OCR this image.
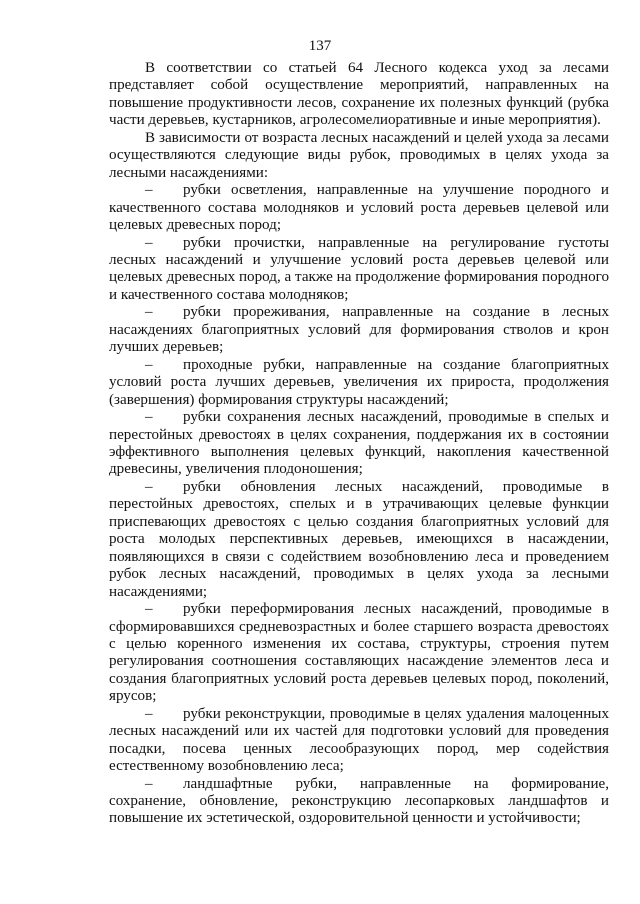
137

В соответствии со статьей 64 Лесного кодекса уход за лесами представляет собой осуществление мероприятий, направленных на повышение продуктивности лесов, сохранение их полезных функций (рубка части деревьев, кустарников, агролесомелиоративные и иные мероприятия).

В зависимости от возраста лесных насаждений и целей ухода за лесами осуществляются следующие виды рубок, проводимых в целях ухода за лесными насаждениями:

– рубки осветления, направленные на улучшение породного и качественного состава молодняков и условий роста деревьев целевой или целевых древесных пород;

– рубки прочистки, направленные на регулирование густоты лесных насаждений и улучшение условий роста деревьев целевой или целевых древесных пород, а также на продолжение формирования породного и качественного состава молодняков;

– рубки прореживания, направленные на создание в лесных насаждениях благоприятных условий для формирования стволов и крон лучших деревьев;

– проходные рубки, направленные на создание благоприятных условий роста лучших деревьев, увеличения их прироста, продолжения (завершения) формирования структуры насаждений;

– рубки сохранения лесных насаждений, проводимые в спелых и перестойных древостоях в целях сохранения, поддержания их в состоянии эффективного выполнения целевых функций, накопления качественной древесины, увеличения плодоношения;

– рубки обновления лесных насаждений, проводимые в перестойных древостоях, спелых и в утрачивающих целевые функции приспевающих древостоях с целью создания благоприятных условий для роста молодых перспективных деревьев, имеющихся в насаждении, появляющихся в связи с содействием возобновлению леса и проведением рубок лесных насаждений, проводимых в целях ухода за лесными насаждениями;

– рубки переформирования лесных насаждений, проводимые в сформировавшихся средневозрастных и более старшего возраста древостоях с целью коренного изменения их состава, структуры, строения путем регулирования соотношения составляющих насаждение элементов леса и создания благоприятных условий роста деревьев целевых пород, поколений, ярусов;

– рубки реконструкции, проводимые в целях удаления малоценных лесных насаждений или их частей для подготовки условий для проведения посадки, посева ценных лесообразующих пород, мер содействия естественному возобновлению леса;

– ландшафтные рубки, направленные на формирование, сохранение, обновление, реконструкцию лесопарковых ландшафтов и повышение их эстетической, оздоровительной ценности и устойчивости;
